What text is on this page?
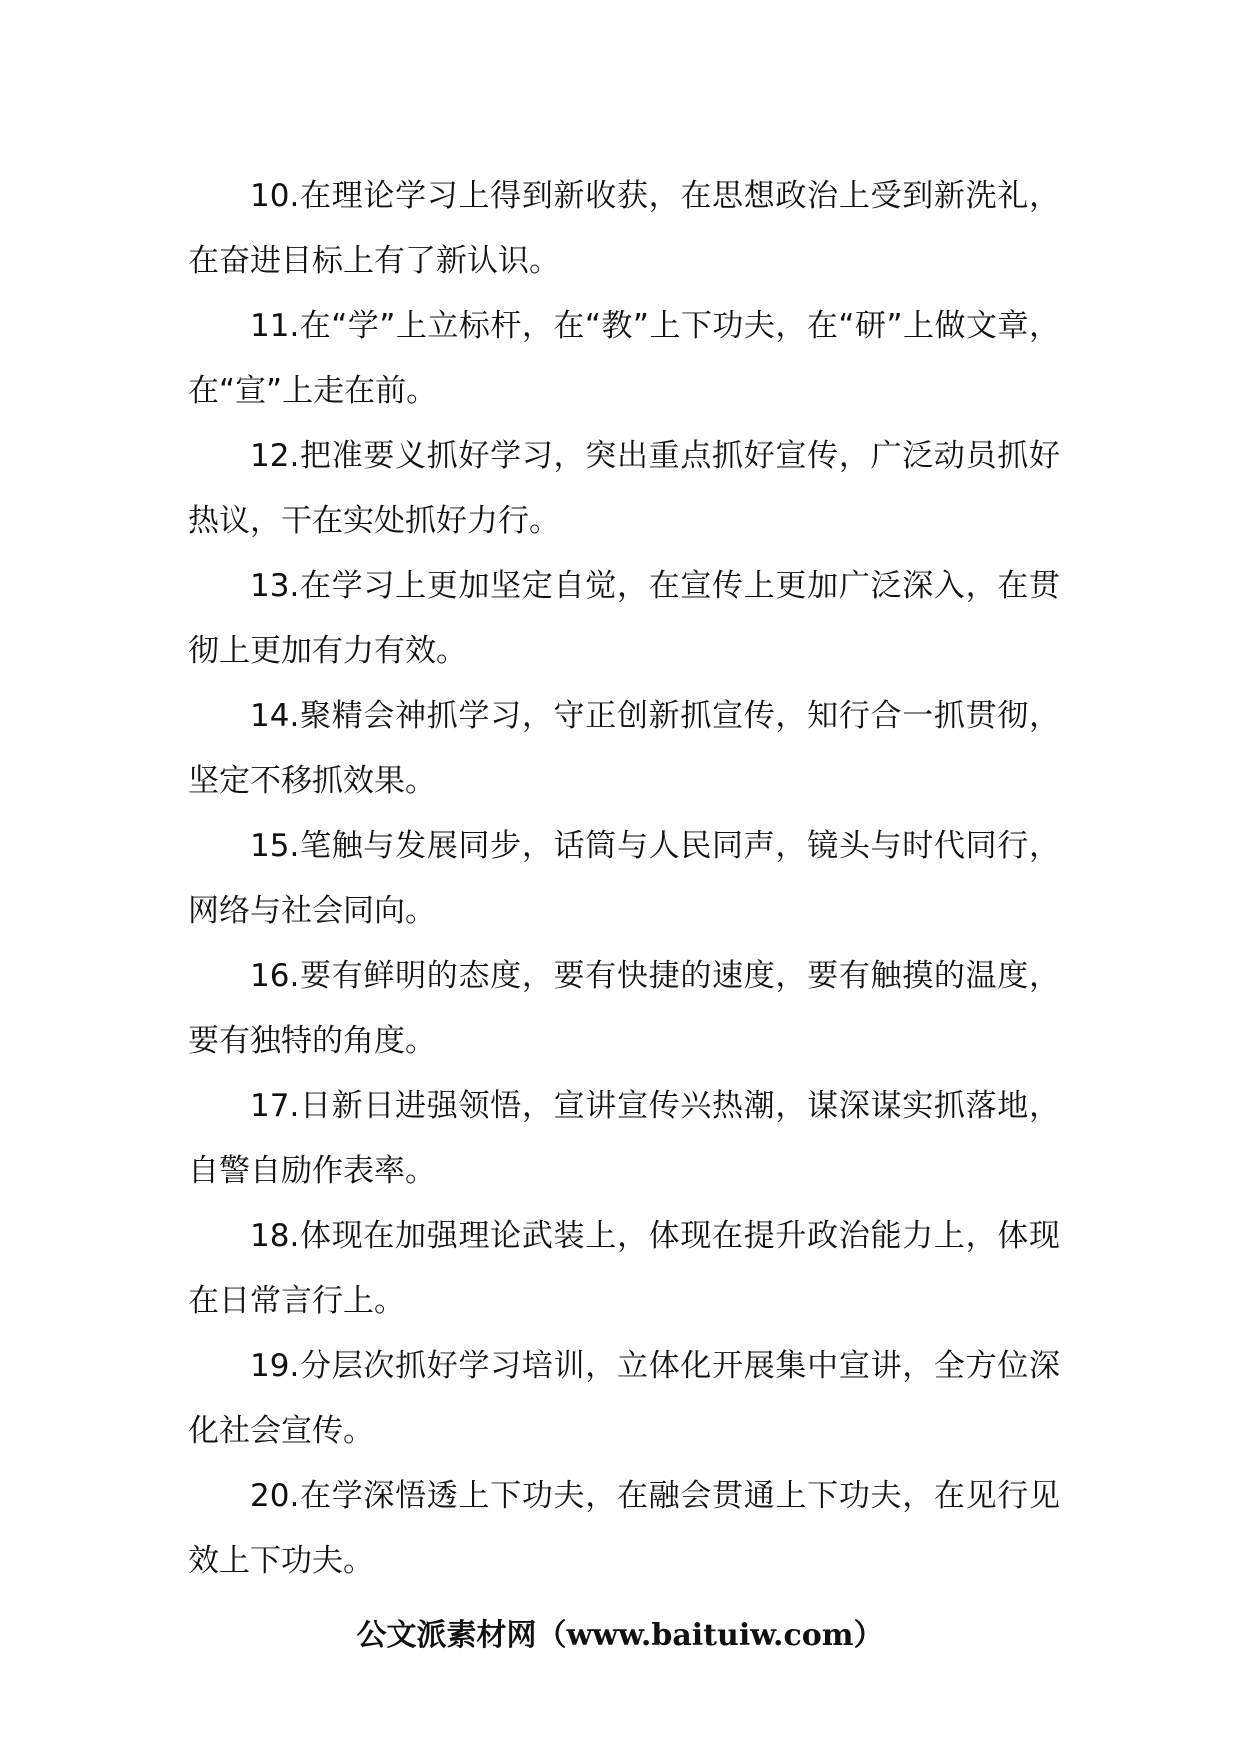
10.在理论学习上得到新收获，在思想政治上受到新洗礼，在奋进目标上有了新认识。

11.在“学”上立标杆，在“教”上下功夫，在“研”上做文章，在“宣”上走在前。

12.把准要义抓好学习，突出重点抓好宣传，广泛动员抓好热议，干在实处抓好力行。

13.在学习上更加坚定自觉，在宣传上更加广泛深入，在贯彻上更加有力有效。

14.聚精会神抓学习，守正创新抓宣传，知行合一抓贯彻，坚定不移抓效果。

15.笔触与发展同步，话筒与人民同声，镜头与时代同行，网络与社会同向。

16.要有鲜明的态度，要有快捷的速度，要有触摸的温度，要有独特的角度。

17.日新日进强领悟，宣讲宣传兴热潮，谋深谋实抓落地，自警自励作表率。

18.体现在加强理论武装上，体现在提升政治能力上，体现在日常言行上。

19.分层次抓好学习培训，立体化开展集中宣讲，全方位深化社会宣传。

20.在学深悟透上下功夫，在融会贯通上下功夫，在见行见效上下功夫。

公文派素材网（www.baituiw.com）
